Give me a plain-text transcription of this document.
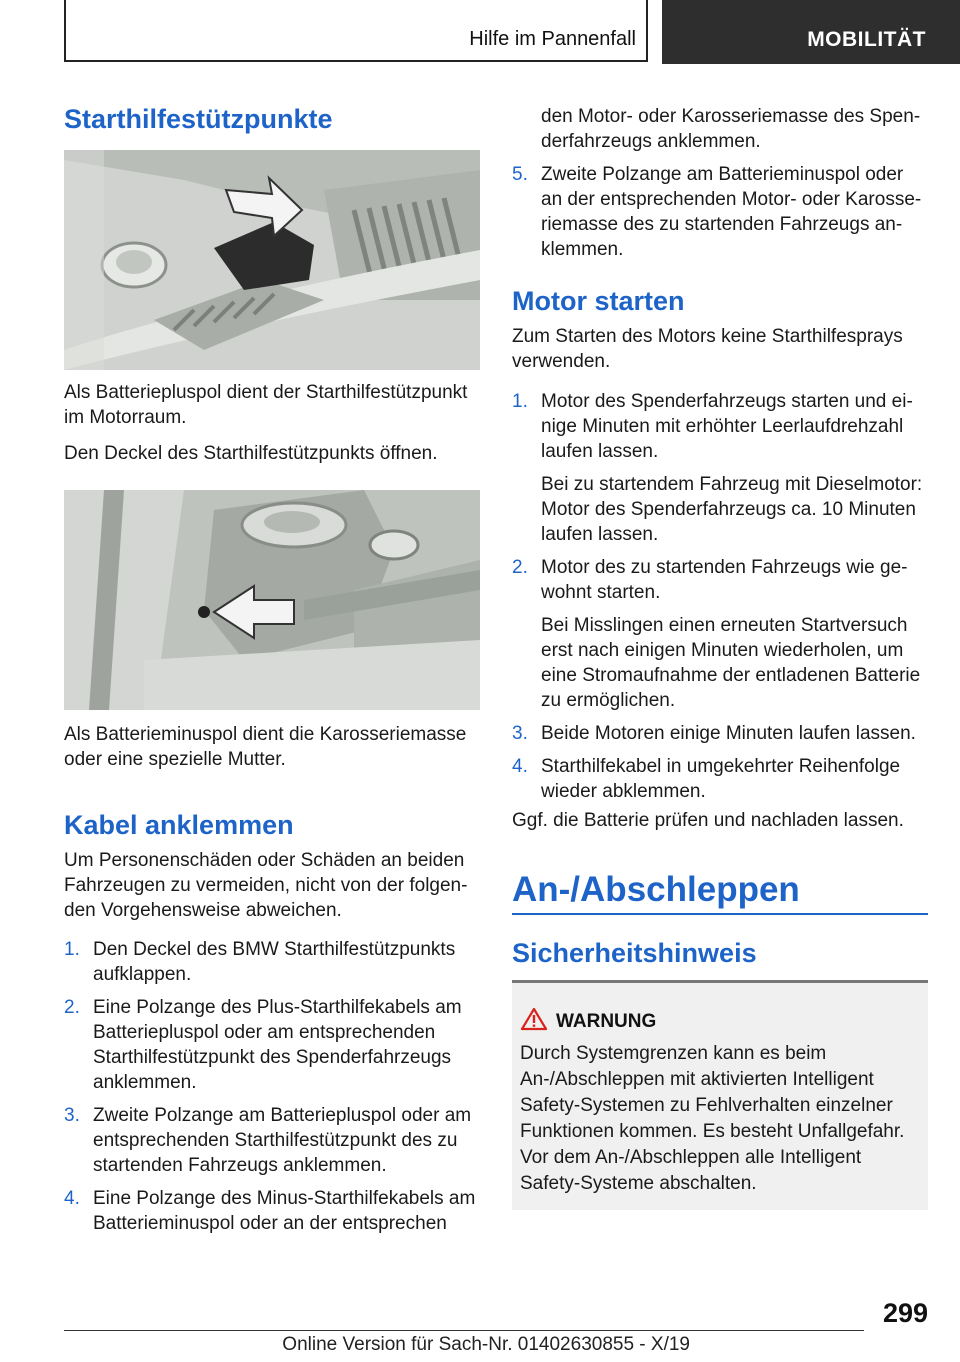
Hilfe im Pannenfall	MOBILITÄT
Starthilfestützpunkte
Als Batteriepluspol dient der Starthilfestützpunkt im Motorraum.
Den Deckel des Starthilfestützpunkts öffnen.
Als Batterieminuspol dient die Karosseriemasse oder eine spezielle Mutter.
Kabel anklemmen
Um Personenschäden oder Schäden an beiden Fahrzeugen zu vermeiden, nicht von der folgenden Vorgehensweise abweichen.
1. Den Deckel des BMW Starthilfestützpunkts aufklappen.
2. Eine Polzange des Plus-Starthilfekabels am Batteriepluspol oder am entsprechenden Starthilfestützpunkt des Spenderfahrzeugs anklemmen.
3. Zweite Polzange am Batteriepluspol oder am entsprechenden Starthilfestützpunkt des zu startenden Fahrzeugs anklemmen.
4. Eine Polzange des Minus-Starthilfekabels am Batterieminuspol oder an der entsprechen
den Motor- oder Karosseriemasse des Spenderfahrzeugs anklemmen.
5. Zweite Polzange am Batterieminuspol oder an der entsprechenden Motor- oder Karosseriemasse des zu startenden Fahrzeugs anklemmen.
Motor starten
Zum Starten des Motors keine Starthilfesprays verwenden.
1. Motor des Spenderfahrzeugs starten und einige Minuten mit erhöhter Leerlaufdrehzahl laufen lassen.
Bei zu startendem Fahrzeug mit Dieselmotor: Motor des Spenderfahrzeugs ca. 10 Minuten laufen lassen.
2. Motor des zu startenden Fahrzeugs wie gewohnt starten.
Bei Misslingen einen erneuten Startversuch erst nach einigen Minuten wiederholen, um eine Stromaufnahme der entladenen Batterie zu ermöglichen.
3. Beide Motoren einige Minuten laufen lassen.
4. Starthilfekabel in umgekehrter Reihenfolge wieder abklemmen.
Ggf. die Batterie prüfen und nachladen lassen.
An-/Abschleppen
Sicherheitshinweis
WARNUNG
Durch Systemgrenzen kann es beim An-/Abschleppen mit aktivierten Intelligent Safety-Systemen zu Fehlverhalten einzelner Funktionen kommen. Es besteht Unfallgefahr. Vor dem An-/Abschleppen alle Intelligent Safety-Systeme abschalten.
299
Online Version für Sach-Nr. 01402630855 - X/19
